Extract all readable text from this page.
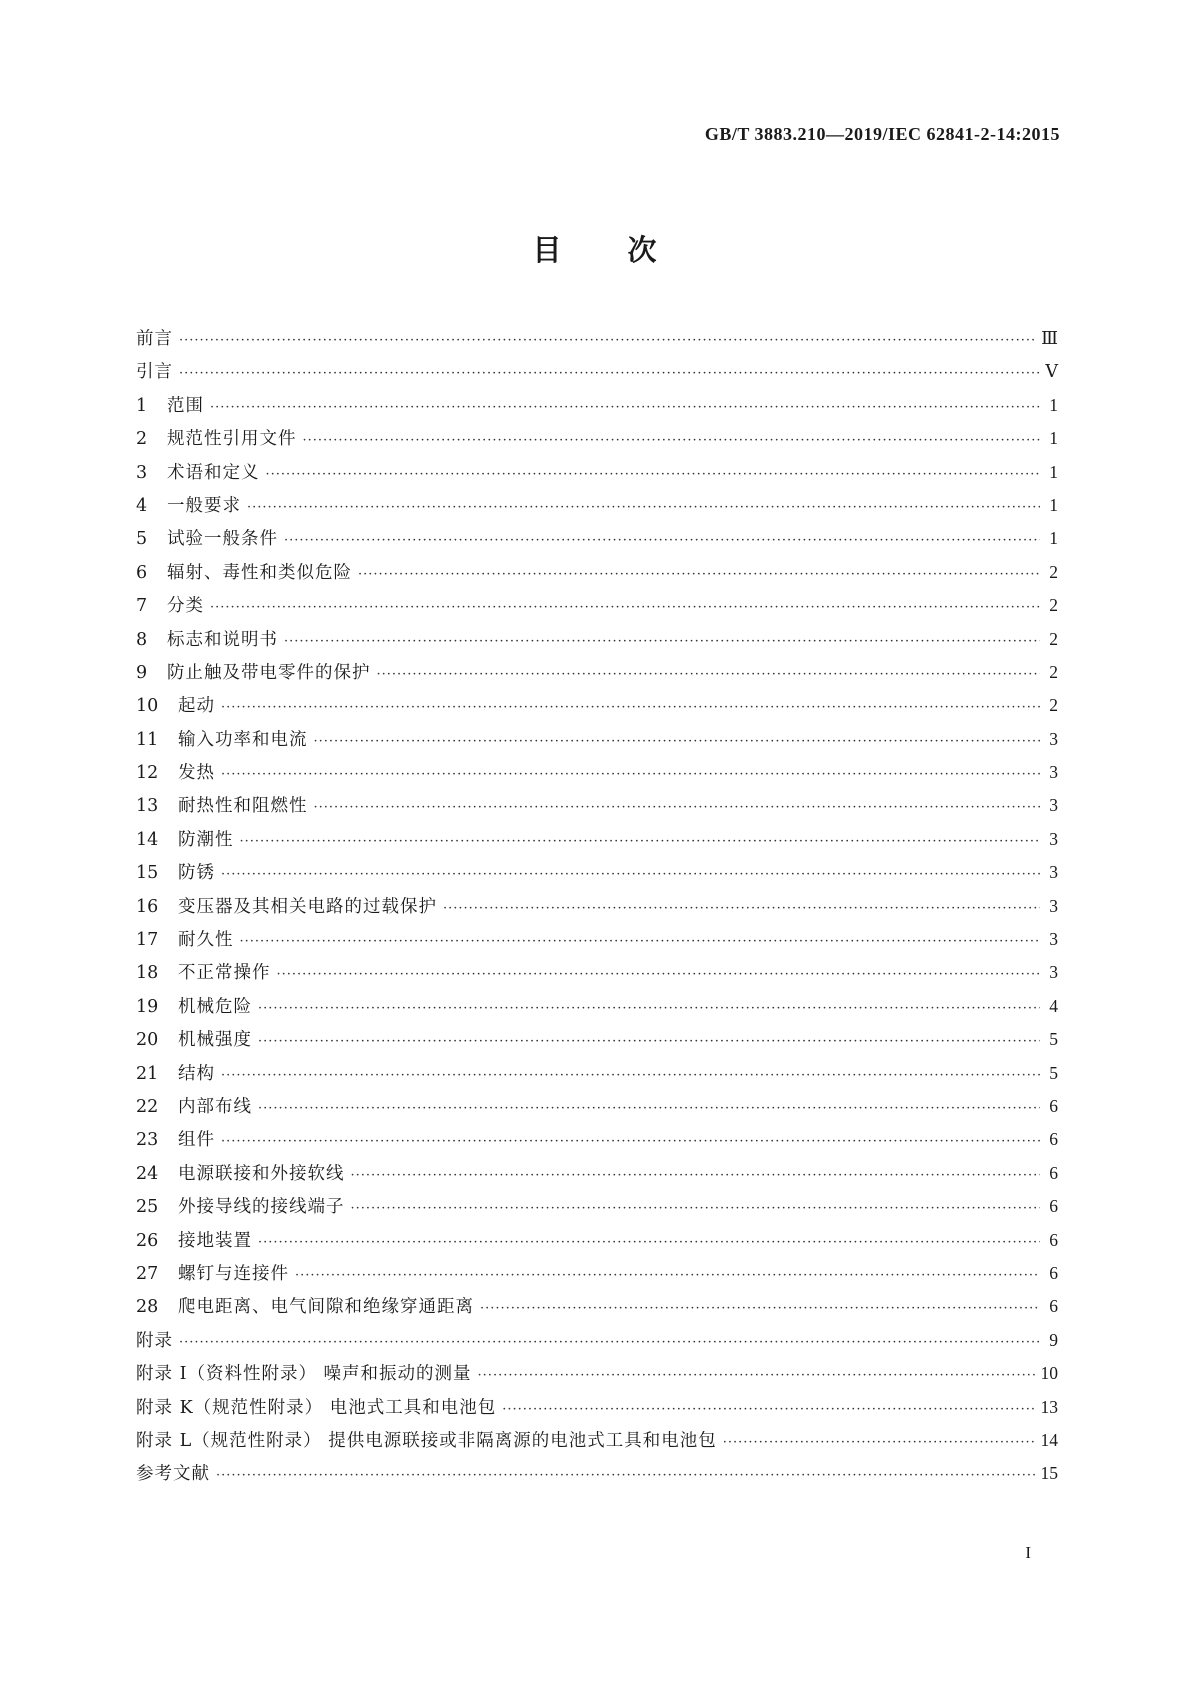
GB/T 3883.210—2019/IEC 62841-2-14:2015
目 次
前言 ·····	Ⅲ
引言 ·····	Ⅴ
1	范围 ·····	1
2	规范性引用文件 ·····	1
3	术语和定义 ·····	1
4	一般要求 ·····	1
5	试验一般条件 ·····	1
6	辐射、毒性和类似危险 ·····	2
7	分类 ·····	2
8	标志和说明书 ·····	2
9	防止触及带电零件的保护 ·····	2
10	起动 ·····	2
11	输入功率和电流 ·····	3
12	发热 ·····	3
13	耐热性和阻燃性 ·····	3
14	防潮性 ·····	3
15	防锈 ·····	3
16	变压器及其相关电路的过载保护 ·····	3
17	耐久性 ·····	3
18	不正常操作 ·····	3
19	机械危险 ·····	4
20	机械强度 ·····	5
21	结构 ·····	5
22	内部布线 ·····	6
23	组件 ·····	6
24	电源联接和外接软线 ·····	6
25	外接导线的接线端子 ·····	6
26	接地装置 ·····	6
27	螺钉与连接件 ·····	6
28	爬电距离、电气间隙和绝缘穿通距离 ·····	6
附录 ·····	9
附录 I（资料性附录） 噪声和振动的测量 ·····	10
附录 K（规范性附录） 电池式工具和电池包 ·····	13
附录 L（规范性附录） 提供电源联接或非隔离源的电池式工具和电池包 ·····	14
参考文献 ·····	15
I
